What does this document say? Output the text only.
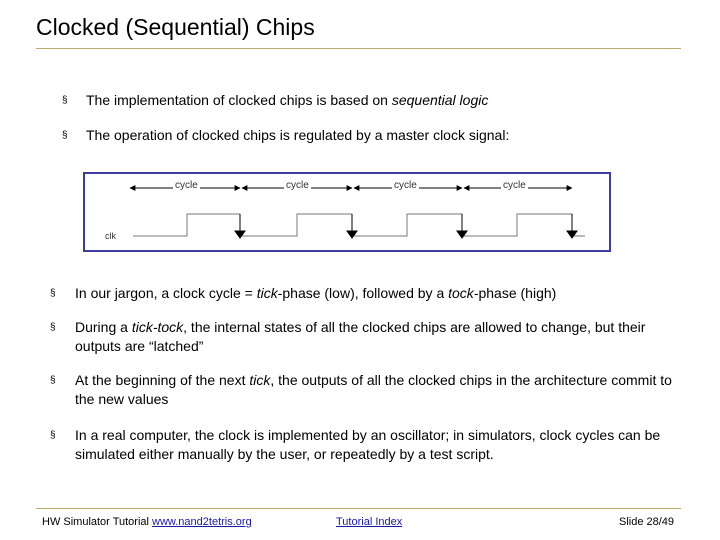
Clocked (Sequential) Chips
§ The implementation of clocked chips is based on sequential logic
§ The operation of clocked chips is regulated by a master clock signal:
cycle	cycle	cycle	cycle
clk
§ In our jargon, a clock cycle = tick-phase (low), followed by a tock-phase (high)
§ During a tick-tock, the internal states of all the clocked chips are allowed to change, but their outputs are “latched”
§ At the beginning of the next tick, the outputs of all the clocked chips in the architecture commit to the new values
§ In a real computer, the clock is implemented by an oscillator; in simulators, clock cycles can be simulated either manually by the user, or repeatedly by a test script.
HW Simulator Tutorial www.nand2tetris.org	Tutorial Index	Slide 28/49
